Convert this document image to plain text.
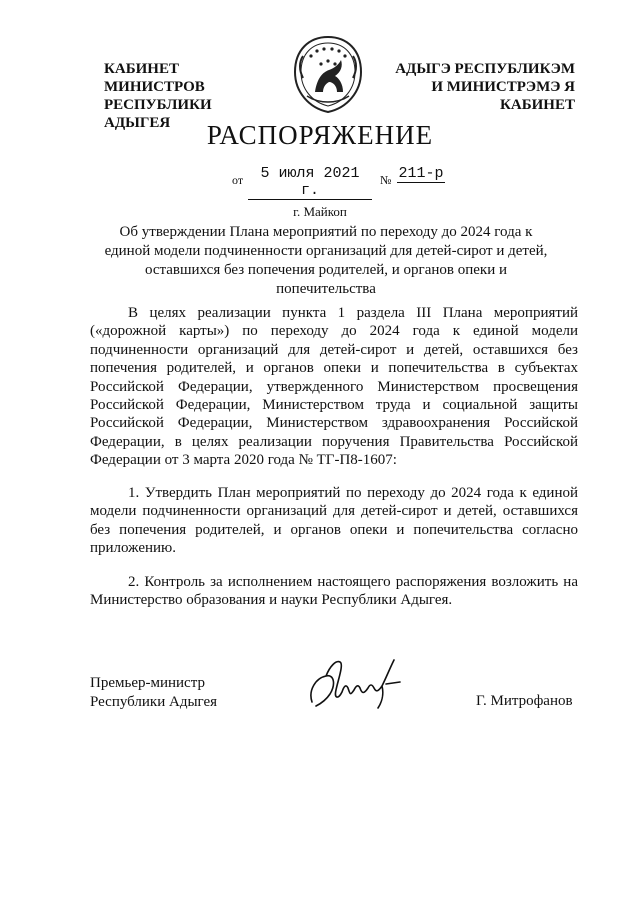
КАБИНЕТ МИНИСТРОВ
РЕСПУБЛИКИ АДЫГЕЯ
АДЫГЭ РЕСПУБЛИКЭМ
И МИНИСТРЭМЭ Я КАБИНЕТ
РАСПОРЯЖЕНИЕ
от	5 июля 2021 г.
№ 211-р
г. Майкоп
Об утверждении Плана мероприятий по переходу до 2024 года к единой модели подчиненности организаций для детей-сирот и детей, оставшихся без попечения родителей, и органов опеки и попечительства
В целях реализации пункта 1 раздела III Плана мероприятий («дорожной карты») по переходу до 2024 года к единой модели подчиненности организаций для детей-сирот и детей, оставшихся без попечения родителей, и органов опеки и попечительства в субъектах Российской Федерации, утвержденного Министерством просвещения Российской Федерации, Министерством труда и социальной защиты Российской Федерации, Министерством здравоохранения Российской Федерации, в целях реализации поручения Правительства Российской Федерации от 3 марта 2020 года № ТГ-П8-1607:
1. Утвердить План мероприятий по переходу до 2024 года к единой модели подчиненности организаций для детей-сирот и детей, оставшихся без попечения родителей, и органов опеки и попечительства согласно приложению.
2. Контроль за исполнением настоящего распоряжения возложить на Министерство образования и науки Республики Адыгея.
Премьер-министр
Республики Адыгея	Г. Митрофанов
